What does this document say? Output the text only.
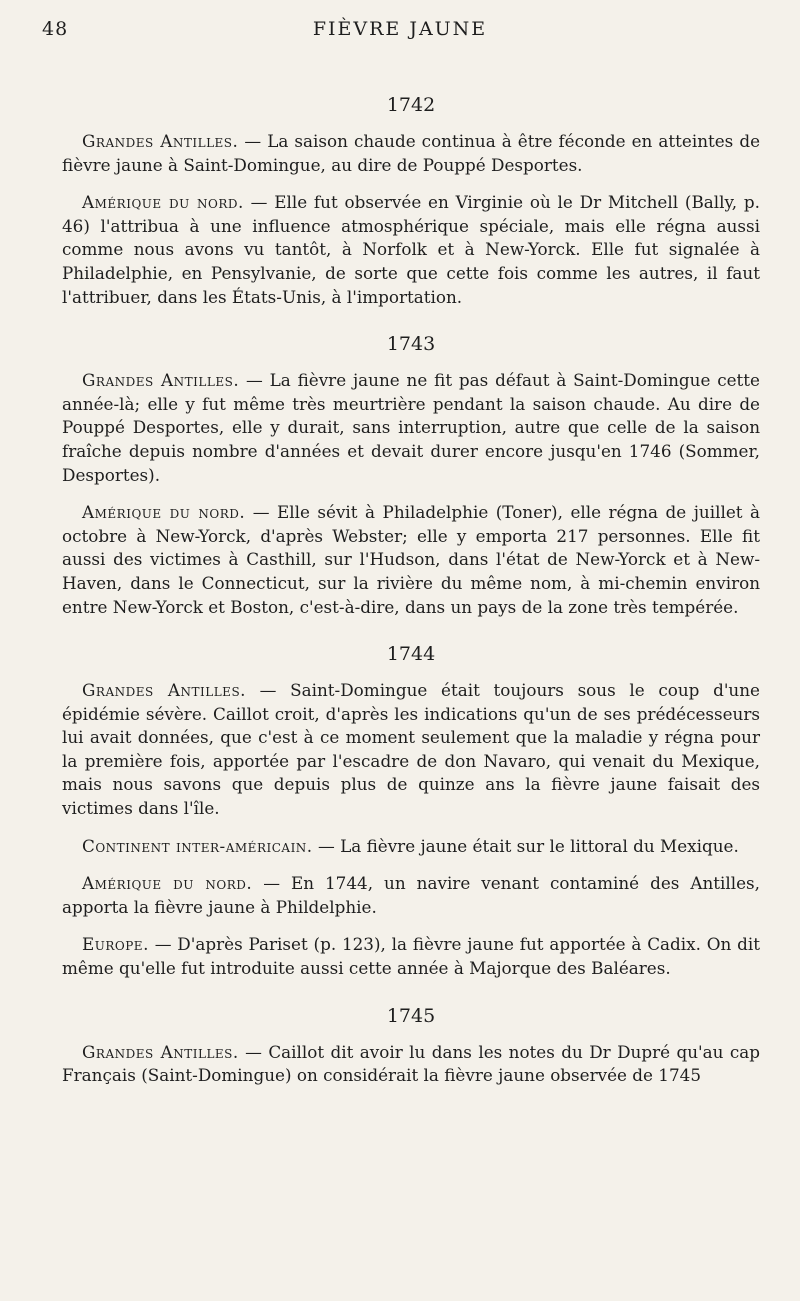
48	FIÈVRE JAUNE
1742

Grandes Antilles. — La saison chaude continua à être féconde en atteintes de fièvre jaune à Saint-Domingue, au dire de Pouppé Desportes.

Amérique du nord. — Elle fut observée en Virginie où le Dr Mitchell (Bally, p. 46) l'attribua à une influence atmosphérique spéciale, mais elle régna aussi comme nous avons vu tantôt, à Norfolk et à New-Yorck. Elle fut signalée à Philadelphie, en Pensylvanie, de sorte que cette fois comme les autres, il faut l'attribuer, dans les États-Unis, à l'importation.

1743

Grandes Antilles. — La fièvre jaune ne fit pas défaut à Saint-Domingue cette année-là; elle y fut même très meurtrière pendant la saison chaude. Au dire de Pouppé Desportes, elle y durait, sans interruption, autre que celle de la saison fraîche depuis nombre d'années et devait durer encore jusqu'en 1746 (Sommer, Desportes).

Amérique du nord. — Elle sévit à Philadelphie (Toner), elle régna de juillet à octobre à New-Yorck, d'après Webster; elle y emporta 217 personnes. Elle fit aussi des victimes à Casthill, sur l'Hudson, dans l'état de New-Yorck et à New-Haven, dans le Connecticut, sur la rivière du même nom, à mi-chemin environ entre New-Yorck et Boston, c'est-à-dire, dans un pays de la zone très tempérée.

1744

Grandes Antilles. — Saint-Domingue était toujours sous le coup d'une épidémie sévère. Caillot croit, d'après les indications qu'un de ses prédécesseurs lui avait données, que c'est à ce moment seulement que la maladie y régna pour la première fois, apportée par l'escadre de don Navaro, qui venait du Mexique, mais nous savons que depuis plus de quinze ans la fièvre jaune faisait des victimes dans l'île.

Continent inter-américain. — La fièvre jaune était sur le littoral du Mexique.

Amérique du nord. — En 1744, un navire venant contaminé des Antilles, apporta la fièvre jaune à Phildelphie.

Europe. — D'après Pariset (p. 123), la fièvre jaune fut apportée à Cadix. On dit même qu'elle fut introduite aussi cette année à Majorque des Baléares.

1745

Grandes Antilles. — Caillot dit avoir lu dans les notes du Dr Dupré qu'au cap Français (Saint-Domingue) on considérait la fièvre jaune observée de 1745
